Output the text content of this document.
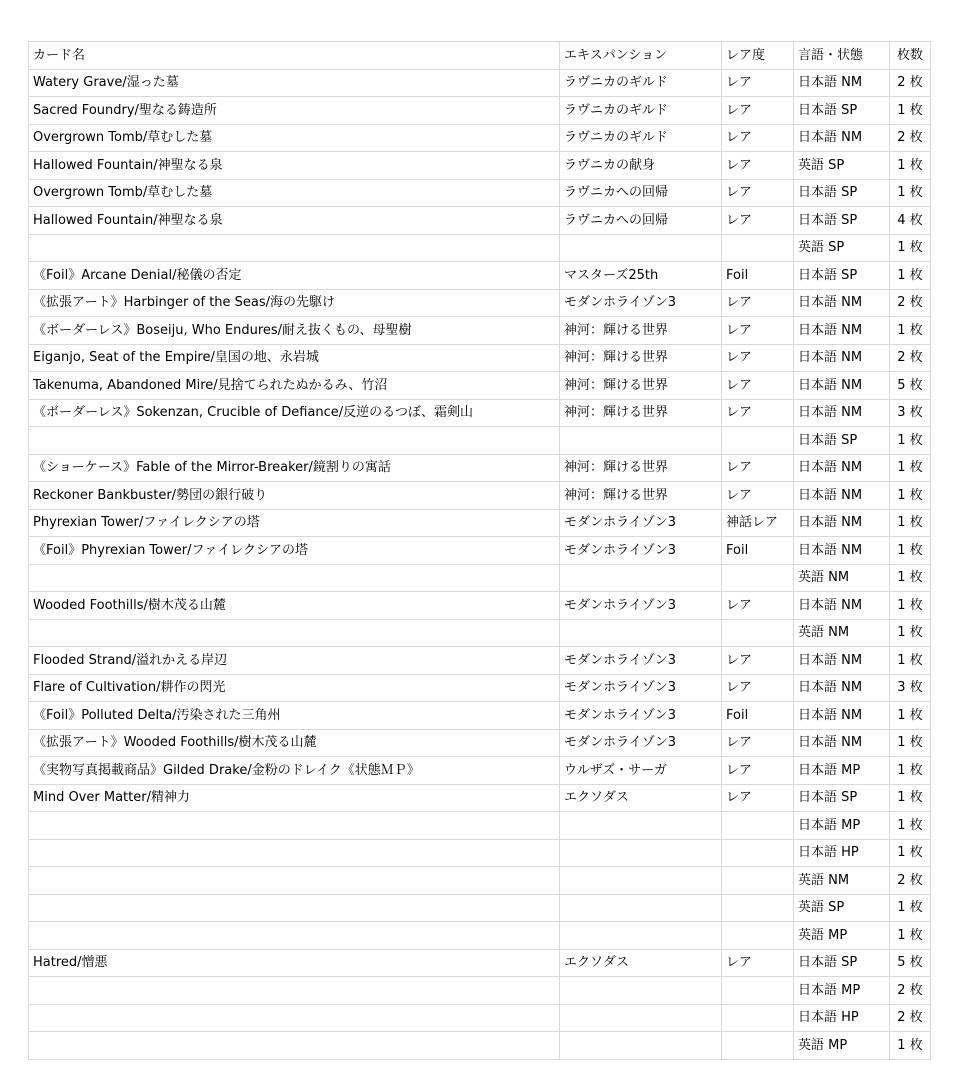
カード名	エキスパンション	レア度	言語・状態	枚数
Watery Grave/湿った墓	ラヴニカのギルド	レア	日本語 NM	2 枚
Sacred Foundry/聖なる鋳造所	ラヴニカのギルド	レア	日本語 SP	1 枚
Overgrown Tomb/草むした墓	ラヴニカのギルド	レア	日本語 NM	2 枚
Hallowed Fountain/神聖なる泉	ラヴニカの献身	レア	英語 SP	1 枚
Overgrown Tomb/草むした墓	ラヴニカへの回帰	レア	日本語 SP	1 枚
Hallowed Fountain/神聖なる泉	ラヴニカへの回帰	レア	日本語 SP	4 枚
			英語 SP	1 枚
《Foil》Arcane Denial/秘儀の否定	マスターズ25th	Foil	日本語 SP	1 枚
《拡張アート》Harbinger of the Seas/海の先駆け	モダンホライゾン3	レア	日本語 NM	2 枚
《ボーダーレス》Boseiju, Who Endures/耐え抜くもの、母聖樹	神河：輝ける世界	レア	日本語 NM	1 枚
Eiganjo, Seat of the Empire/皇国の地、永岩城	神河：輝ける世界	レア	日本語 NM	2 枚
Takenuma, Abandoned Mire/見捨てられたぬかるみ、竹沼	神河：輝ける世界	レア	日本語 NM	5 枚
《ボーダーレス》Sokenzan, Crucible of Defiance/反逆のるつぼ、霜剣山	神河：輝ける世界	レア	日本語 NM	3 枚
			日本語 SP	1 枚
《ショーケース》Fable of the Mirror-Breaker/鏡割りの寓話	神河：輝ける世界	レア	日本語 NM	1 枚
Reckoner Bankbuster/勢団の銀行破り	神河：輝ける世界	レア	日本語 NM	1 枚
Phyrexian Tower/ファイレクシアの塔	モダンホライゾン3	神話レア	日本語 NM	1 枚
《Foil》Phyrexian Tower/ファイレクシアの塔	モダンホライゾン3	Foil	日本語 NM	1 枚
			英語 NM	1 枚
Wooded Foothills/樹木茂る山麓	モダンホライゾン3	レア	日本語 NM	1 枚
			英語 NM	1 枚
Flooded Strand/溢れかえる岸辺	モダンホライゾン3	レア	日本語 NM	1 枚
Flare of Cultivation/耕作の閃光	モダンホライゾン3	レア	日本語 NM	3 枚
《Foil》Polluted Delta/汚染された三角州	モダンホライゾン3	Foil	日本語 NM	1 枚
《拡張アート》Wooded Foothills/樹木茂る山麓	モダンホライゾン3	レア	日本語 NM	1 枚
《実物写真掲載商品》Gilded Drake/金粉のドレイク《状態ＭＰ》	ウルザズ・サーガ	レア	日本語 MP	1 枚
Mind Over Matter/精神力	エクソダス	レア	日本語 SP	1 枚
			日本語 MP	1 枚
			日本語 HP	1 枚
			英語 NM	2 枚
			英語 SP	1 枚
			英語 MP	1 枚
Hatred/憎悪	エクソダス	レア	日本語 SP	5 枚
			日本語 MP	2 枚
			日本語 HP	2 枚
			英語 MP	1 枚
